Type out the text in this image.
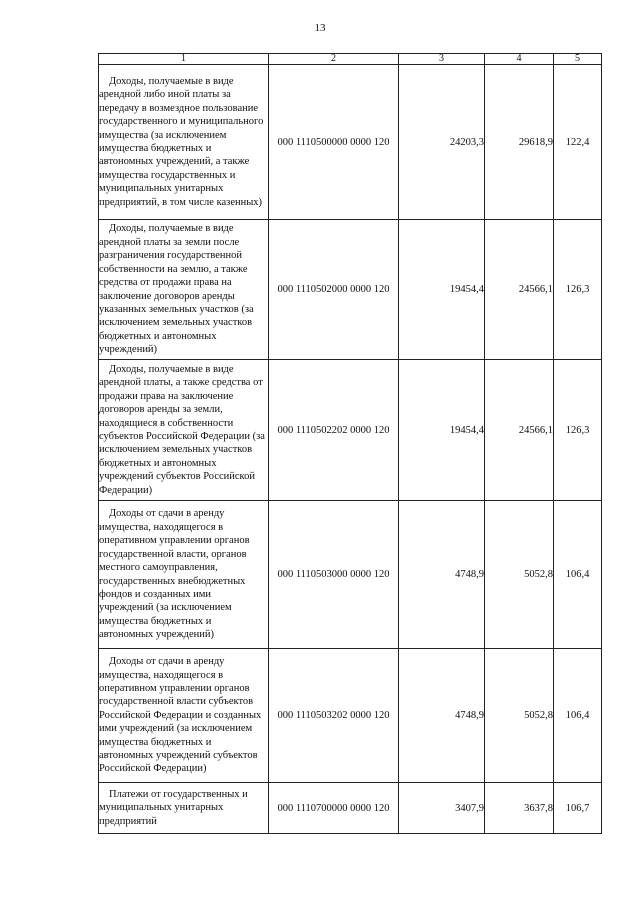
13
1	2	3	4	5
Доходы, получаемые в виде арендной либо иной платы за передачу в возмездное пользование государственного и муниципального имущества (за исключением имущества бюджетных и автономных учреждений, а также имущества государственных и муниципальных унитарных предприятий, в том числе казенных)	000 1110500000 0000 120	24203,3	29618,9	122,4
Доходы, получаемые в виде арендной платы за земли после разграничения государственной собственности на землю, а также средства от продажи права на заключение договоров аренды указанных земельных участков (за исключением земельных участков бюджетных и автономных учреждений)	000 1110502000 0000 120	19454,4	24566,1	126,3
Доходы, получаемые в виде арендной платы, а также средства от продажи права на заключение договоров аренды за земли, находящиеся в собственности субъектов Российской Федерации (за исключением земельных участков бюджетных и автономных учреждений субъектов Российской Федерации)	000 1110502202 0000 120	19454,4	24566,1	126,3
Доходы от сдачи в аренду имущества, находящегося в оперативном управлении органов государственной власти, органов местного самоуправления, государственных внебюджетных фондов и созданных ими учреждений (за исключением имущества бюджетных и автономных учреждений)	000 1110503000 0000 120	4748,9	5052,8	106,4
Доходы от сдачи в аренду имущества, находящегося в оперативном управлении органов государственной власти субъектов Российской Федерации и созданных ими учреждений (за исключением имущества бюджетных и автономных учреждений субъектов Российской Федерации)	000 1110503202 0000 120	4748,9	5052,8	106,4
Платежи от государственных и муниципальных унитарных предприятий	000 1110700000 0000 120	3407,9	3637,8	106,7
